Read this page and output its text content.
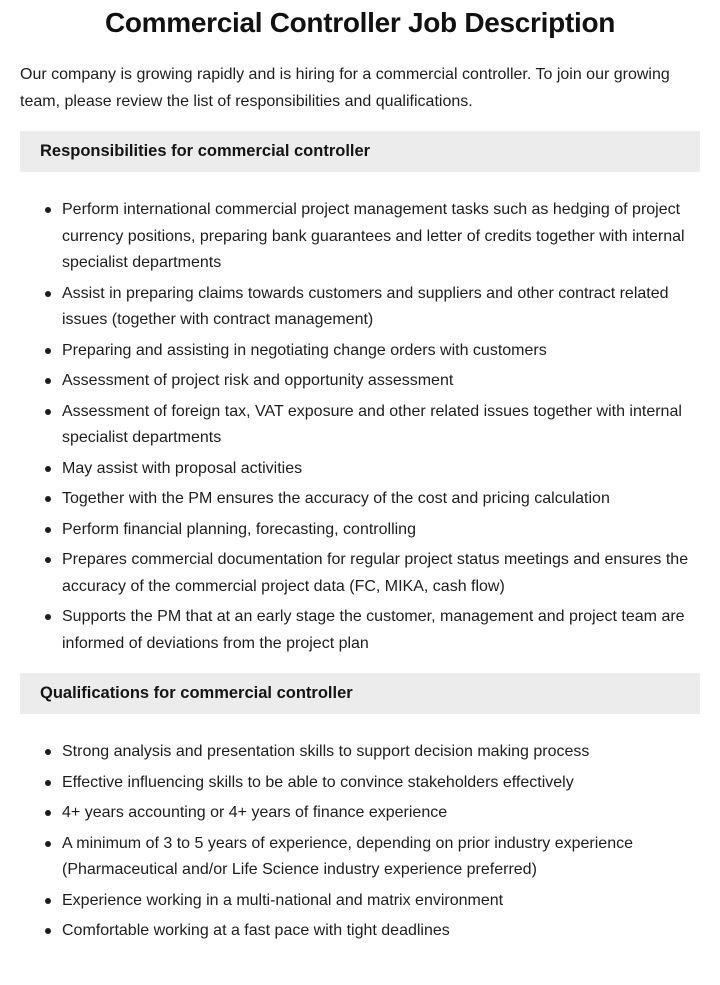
Commercial Controller Job Description

Our company is growing rapidly and is hiring for a commercial controller. To join our growing team, please review the list of responsibilities and qualifications.

Responsibilities for commercial controller
Perform international commercial project management tasks such as hedging of project currency positions, preparing bank guarantees and letter of credits together with internal specialist departments
Assist in preparing claims towards customers and suppliers and other contract related issues (together with contract management)
Preparing and assisting in negotiating change orders with customers
Assessment of project risk and opportunity assessment
Assessment of foreign tax, VAT exposure and other related issues together with internal specialist departments
May assist with proposal activities
Together with the PM ensures the accuracy of the cost and pricing calculation
Perform financial planning, forecasting, controlling
Prepares commercial documentation for regular project status meetings and ensures the accuracy of the commercial project data (FC, MIKA, cash flow)
Supports the PM that at an early stage the customer, management and project team are informed of deviations from the project plan
Qualifications for commercial controller
Strong analysis and presentation skills to support decision making process
Effective influencing skills to be able to convince stakeholders effectively
4+ years accounting or 4+ years of finance experience
A minimum of 3 to 5 years of experience, depending on prior industry experience (Pharmaceutical and/or Life Science industry experience preferred)
Experience working in a multi-national and matrix environment
Comfortable working at a fast pace with tight deadlines
